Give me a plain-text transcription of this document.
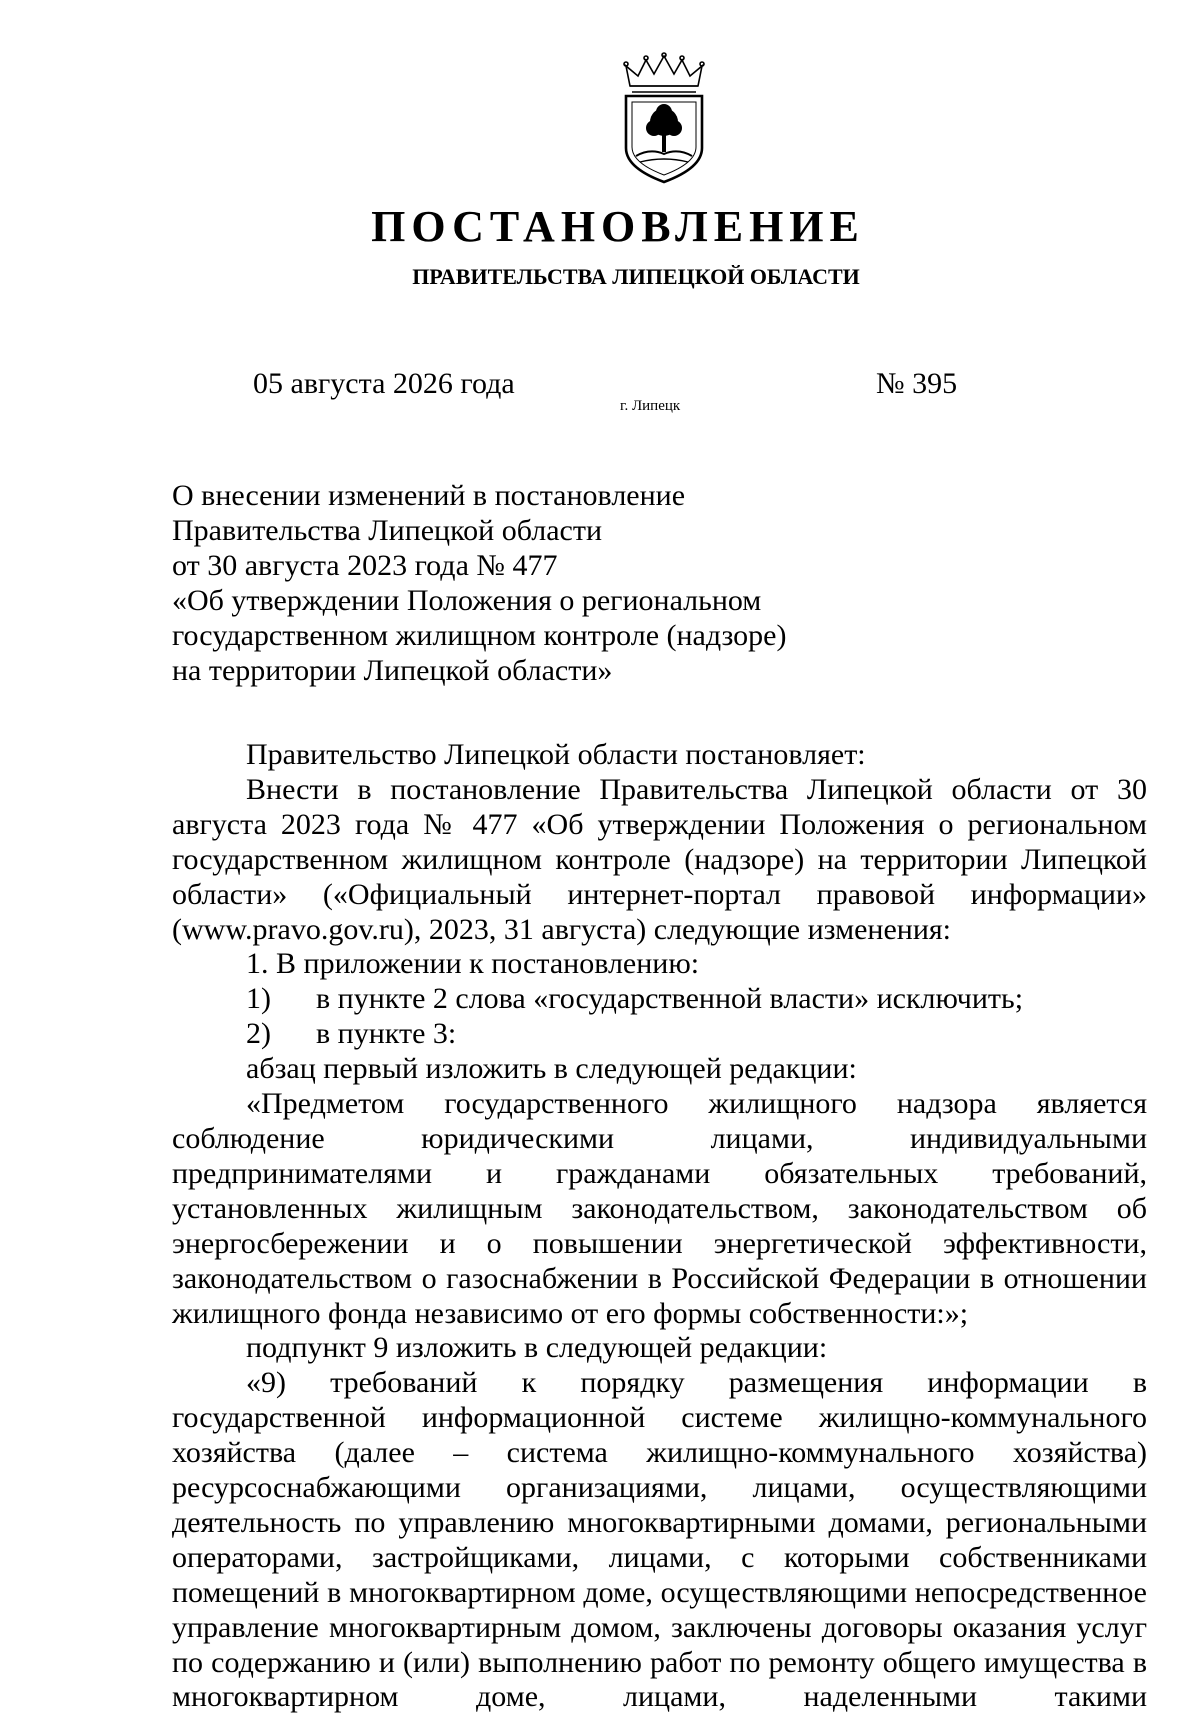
ПОСТАНОВЛЕНИЕ
ПРАВИТЕЛЬСТВА ЛИПЕЦКОЙ ОБЛАСТИ
05 августа 2026 года
г. Липецк
№ 395
О внесении изменений в постановление
Правительства Липецкой области
от 30 августа 2023 года № 477
«Об утверждении Положения о региональном
государственном жилищном контроле (надзоре)
на территории Липецкой области»

Правительство Липецкой области постановляет:

Внести в постановление Правительства Липецкой области от 30 августа 2023 года № 477 «Об утверждении Положения о региональном государственном жилищном контроле (надзоре) на территории Липецкой области» («Официальный интернет-портал правовой информации» (www.pravo.gov.ru), 2023, 31 августа) следующие изменения:

1. В приложении к постановлению:

1) в пункте 2 слова «государственной власти» исключить;

2) в пункте 3:

абзац первый изложить в следующей редакции:

«Предметом государственного жилищного надзора является соблюдение юридическими лицами, индивидуальными предпринимателями и гражданами обязательных требований, установленных жилищным законодательством, законодательством об энергосбережении и о повышении энергетической эффективности, законодательством о газоснабжении в Российской Федерации в отношении жилищного фонда независимо от его формы собственности:»;

подпункт 9 изложить в следующей редакции:

«9) требований к порядку размещения информации в государственной информационной системе жилищно-коммунального хозяйства (далее – система жилищно-коммунального хозяйства) ресурсоснабжающими организациями, лицами, осуществляющими деятельность по управлению многоквартирными домами, региональными операторами, застройщиками, лицами, с которыми собственниками помещений в многоквартирном доме, осуществляющими непосредственное управление многоквартирным домом, заключены договоры оказания услуг по содержанию и (или) выполнению работ по ремонту общего имущества в многоквартирном доме, лицами, наделенными такими
